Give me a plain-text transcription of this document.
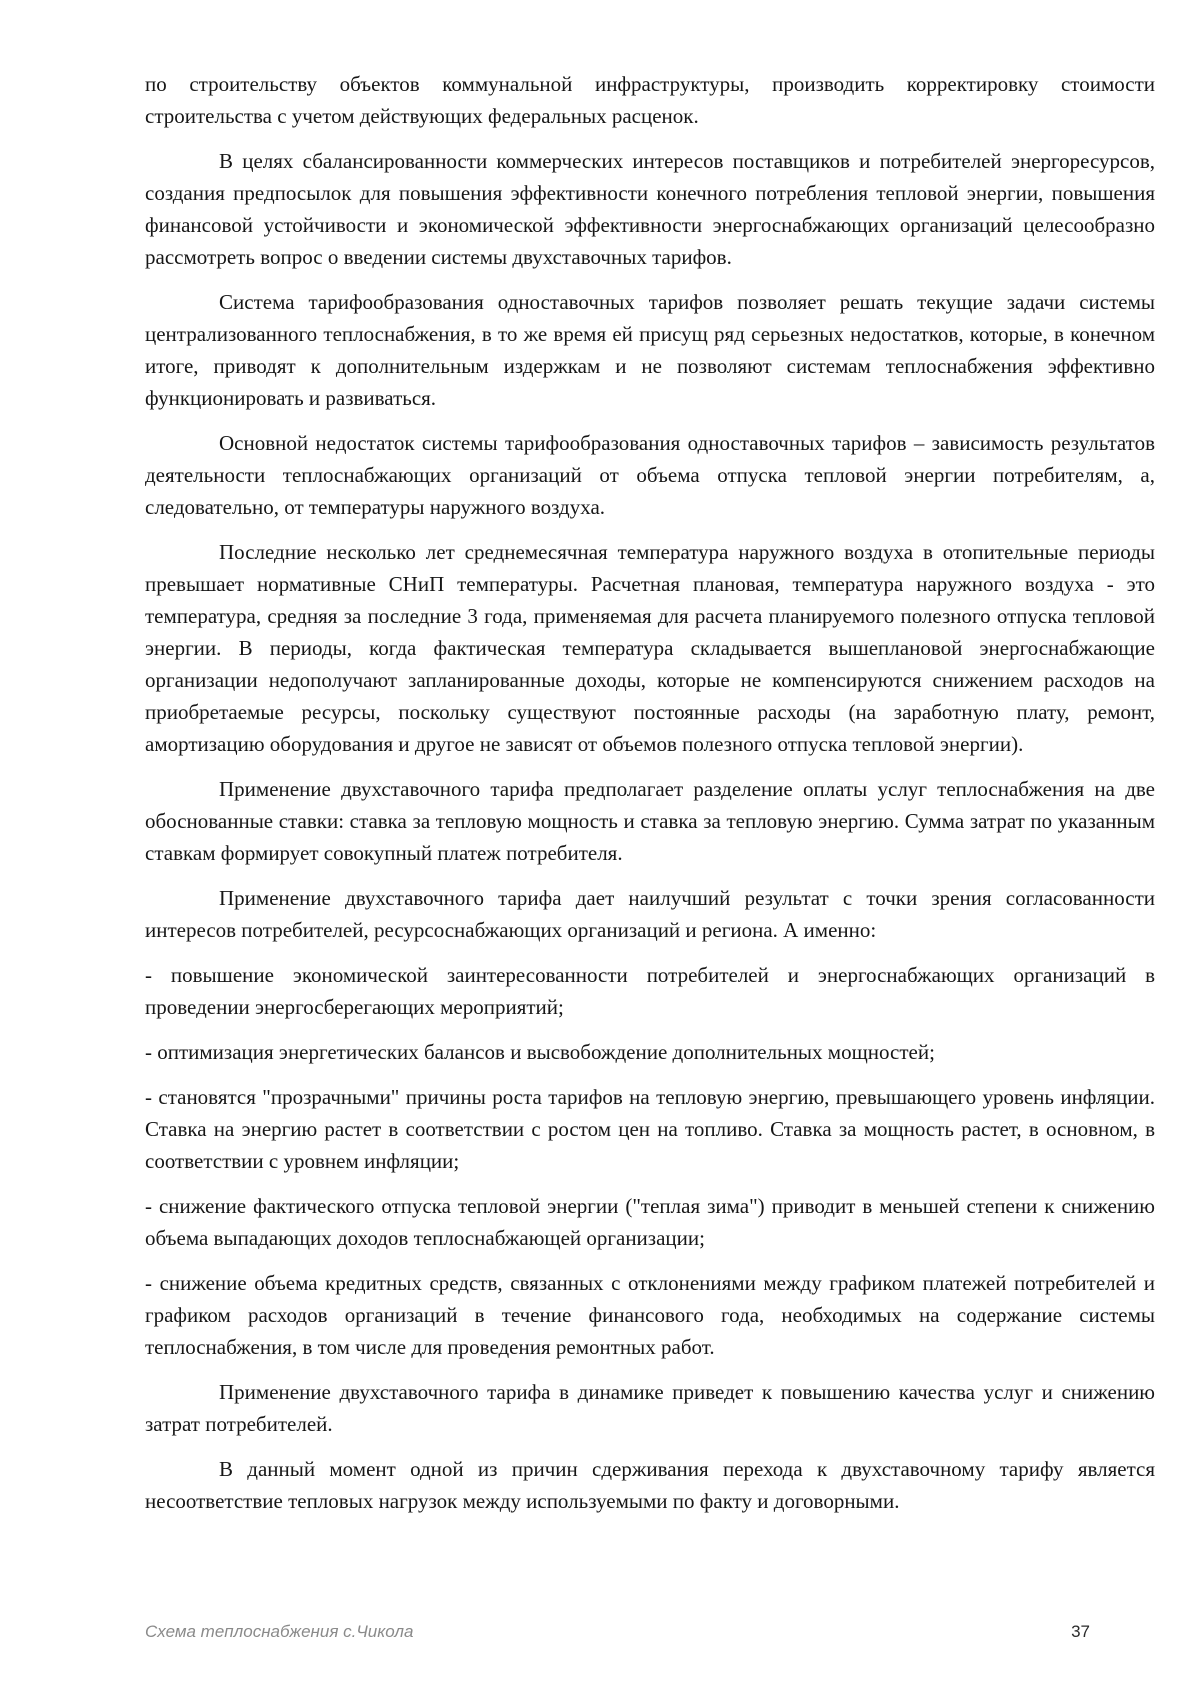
по строительству объектов коммунальной инфраструктуры, производить корректировку стоимости строительства с учетом действующих федеральных расценок.

В целях сбалансированности коммерческих интересов поставщиков и потребителей энергоресурсов, создания предпосылок для повышения эффективности конечного потребления тепловой энергии, повышения финансовой устойчивости и экономической эффективности энергоснабжающих организаций целесообразно рассмотреть вопрос о введении системы двухставочных тарифов.

Система тарифообразования одноставочных тарифов позволяет решать текущие задачи системы централизованного теплоснабжения, в то же время ей присущ ряд серьезных недостатков, которые, в конечном итоге, приводят к дополнительным издержкам и не позволяют системам теплоснабжения эффективно функционировать и развиваться.

Основной недостаток системы тарифообразования одноставочных тарифов – зависимость результатов деятельности теплоснабжающих организаций от объема отпуска тепловой энергии потребителям, а, следовательно, от температуры наружного воздуха.

Последние несколько лет среднемесячная температура наружного воздуха в отопительные периоды превышает нормативные СНиП температуры. Расчетная плановая, температура наружного воздуха - это температура, средняя за последние 3 года, применяемая для расчета планируемого полезного отпуска тепловой энергии. В периоды, когда фактическая температура складывается вышеплановой энергоснабжающие организации недополучают запланированные доходы, которые не компенсируются снижением расходов на приобретаемые ресурсы, поскольку существуют постоянные расходы (на заработную плату, ремонт, амортизацию оборудования и другое не зависят от объемов полезного отпуска тепловой энергии).

Применение двухставочного тарифа предполагает разделение оплаты услуг теплоснабжения на две обоснованные ставки: ставка за тепловую мощность и ставка за тепловую энергию. Сумма затрат по указанным ставкам формирует совокупный платеж потребителя.

Применение двухставочного тарифа дает наилучший результат с точки зрения согласованности интересов потребителей, ресурсоснабжающих организаций и региона. А именно:

- повышение экономической заинтересованности потребителей и энергоснабжающих организаций в проведении энергосберегающих мероприятий;

- оптимизация энергетических балансов и высвобождение дополнительных мощностей;

- становятся "прозрачными" причины роста тарифов на тепловую энергию, превышающего уровень инфляции. Ставка на энергию растет в соответствии с ростом цен на топливо. Ставка за мощность растет, в основном, в соответствии с уровнем инфляции;

- снижение фактического отпуска тепловой энергии ("теплая зима") приводит в меньшей степени к снижению объема выпадающих доходов теплоснабжающей организации;

- снижение объема кредитных средств, связанных с отклонениями между графиком платежей потребителей и графиком расходов организаций в течение финансового года, необходимых на содержание системы теплоснабжения, в том числе для проведения ремонтных работ.

Применение двухставочного тарифа в динамике приведет к повышению качества услуг и снижению затрат потребителей.

В данный момент одной из причин сдерживания перехода к двухставочному тарифу является несоответствие тепловых нагрузок между используемыми по факту и договорными.

Схема теплоснабжения с.Чикола	37
